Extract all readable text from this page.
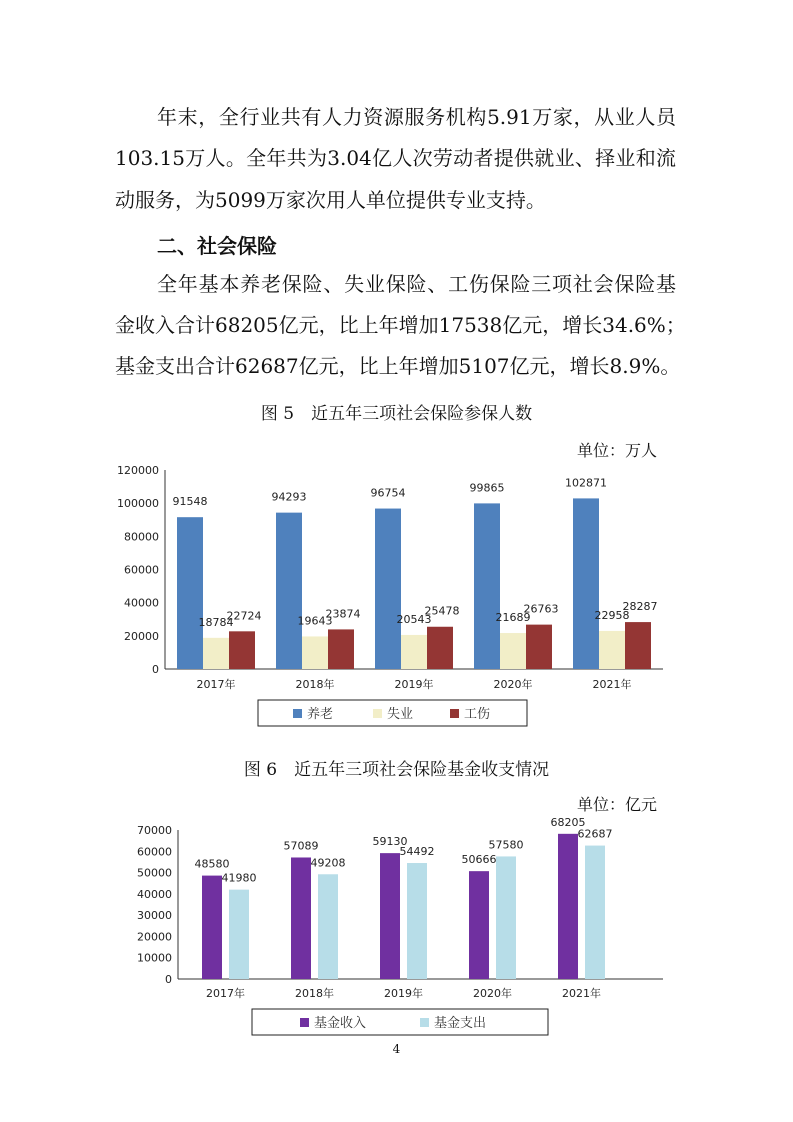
年末，全行业共有人力资源服务机构5.91万家，从业人员
103.15万人。全年共为3.04亿人次劳动者提供就业、择业和流
动服务，为5099万家次用人单位提供专业支持。
二、社会保险
全年基本养老保险、失业保险、工伤保险三项社会保险基
金收入合计68205亿元，比上年增加17538亿元，增长34.6%；
基金支出合计62687亿元，比上年增加5107亿元，增长8.9%。
图 5　近五年三项社会保险参保人数
单位：万人
图 6　近五年三项社会保险基金收支情况
单位：亿元
0
20000
40000
60000
80000
100000
120000
91548
18784
22724
2017年
94293
19643
23874
2018年
96754
20543
25478
2019年
99865
21689
26763
2020年
102871
22958
28287
2021年
养老	失业	工伤
0
10000
20000
30000
40000
50000
60000
70000
48580
41980
2017年
57089
49208
2018年
59130
54492
2019年
50666
57580
2020年
68205
62687
2021年
基金收入	基金支出
4
